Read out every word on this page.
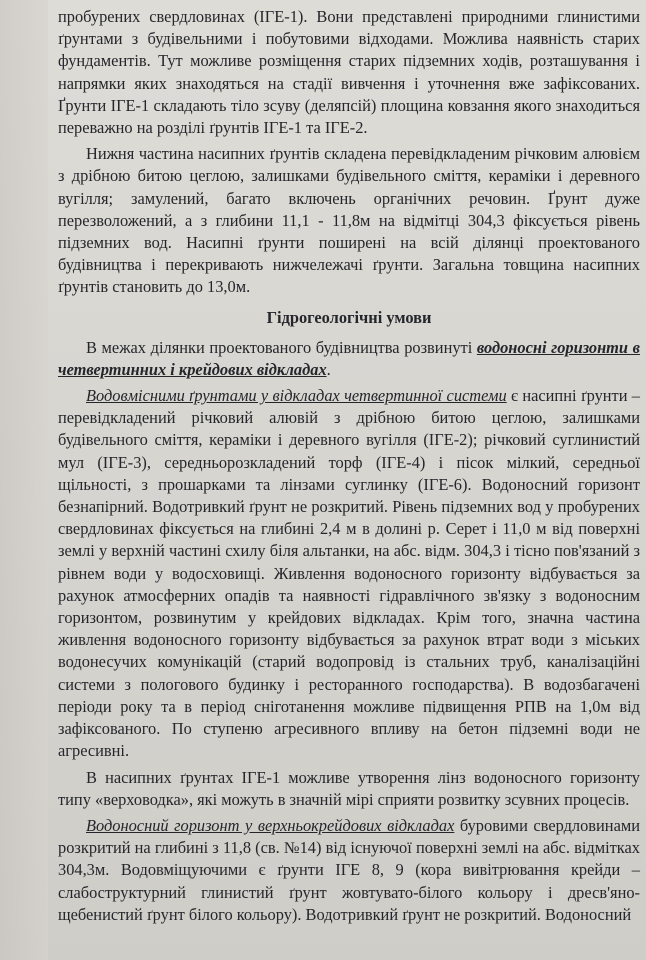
пробурених свердловинах (ІГЕ-1). Вони представлені природними глинистими ґрунтами з будівельними і побутовими відходами. Можлива наявність старих фундаментів. Тут можливе розміщення старих підземних ходів, розташування і напрямки яких знаходяться на стадії вивчення і уточнення вже зафіксованих. Ґрунти ІГЕ-1 складають тіло зсуву (деляпсій) площина ковзання якого знаходиться переважно на розділі ґрунтів ІГЕ-1 та ІГЕ-2.

Нижня частина насипних ґрунтів складена перевідкладеним річковим алювієм з дрібною битою цеглою, залишками будівельного сміття, кераміки і деревного вугілля; замулений, багато включень органічних речовин. Ґрунт дуже перезволожений, а з глибини 11,1 - 11,8м на відмітці 304,3 фіксується рівень підземних вод. Насипні ґрунти поширені на всій ділянці проектованого будівництва і перекривають нижчележачі ґрунти. Загальна товщина насипних ґрунтів становить до 13,0м.

Гідрогеологічні умови

В межах ділянки проектованого будівництва розвинуті водоносні горизонти в четвертинних і крейдових відкладах.

Водовмісними ґрунтами у відкладах четвертинної системи є насипні ґрунти – перевідкладений річковий алювій з дрібною битою цеглою, залишками будівельного сміття, кераміки і деревного вугілля (ІГЕ-2); річковий суглинистий мул (ІГЕ-3), середньорозкладений торф (ІГЕ-4) і пісок мілкий, середньої щільності, з прошарками та лінзами суглинку (ІГЕ-6). Водоносний горизонт безнапірний. Водотривкий ґрунт не розкритий. Рівень підземних вод у пробурених свердловинах фіксується на глибині 2,4 м в долині р. Серет і 11,0 м від поверхні землі у верхній частині схилу біля альтанки, на абс. відм. 304,3 і тісно пов'язаний з рівнем води у водосховищі. Живлення водоносного горизонту відбувається за рахунок атмосферних опадів та наявності гідравлічного зв'язку з водоносним горизонтом, розвинутим у крейдових відкладах. Крім того, значна частина живлення водоносного горизонту відбувається за рахунок втрат води з міських водонесучих комунікацій (старий водопровід із стальних труб, каналізаційні системи з пологового будинку і ресторанного господарства). В водозбагачені періоди року та в період сніготанення можливе підвищення РПВ на 1,0м від зафіксованого. По ступеню агресивного впливу на бетон підземні води не агресивні.

В насипних ґрунтах ІГЕ-1 можливе утворення лінз водоносного горизонту типу «верховодка», які можуть в значній мірі сприяти розвитку зсувних процесів.

Водоносний горизонт у верхньокрейдових відкладах буровими свердловинами розкритий на глибині з 11,8 (св. №14) від існуючої поверхні землі на абс. відмітках 304,3м. Водовміщуючими є ґрунти ІГЕ 8, 9 (кора вивітрювання крейди – слабоструктурний глинистий ґрунт жовтувато-білого кольору і дресв'яно-щебенистий ґрунт білого кольору). Водотривкий ґрунт не розкритий. Водоносний
